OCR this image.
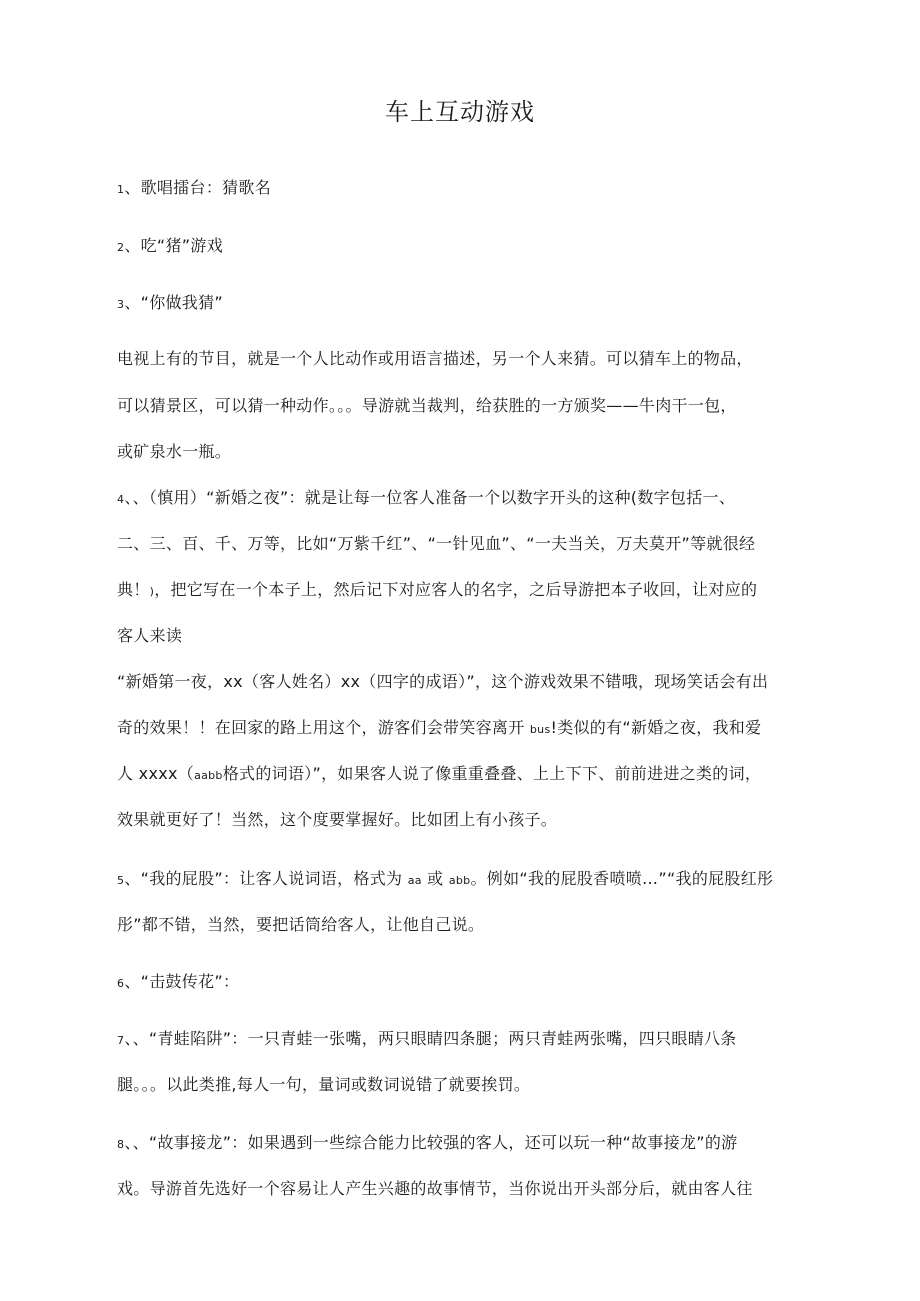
车上互动游戏
1、歌唱擂台：猜歌名
2、吃“猪”游戏
3、“你做我猜”
电视上有的节目，就是一个人比动作或用语言描述，另一个人来猜。可以猜车上的物品，
可以猜景区，可以猜一种动作。。。导游就当裁判，给获胜的一方颁奖——牛肉干一包，
或矿泉水一瓶。
4、、（慎用）“新婚之夜”：就是让每一位客人准备一个以数字开头的这种(数字包括一、
二、三、百、千、万等，比如“万紫千红”、“一针见血”、“一夫当关，万夫莫开”等就很经
典！)，把它写在一个本子上，然后记下对应客人的名字，之后导游把本子收回，让对应的
客人来读
“新婚第一夜，xx（客人姓名）xx（四字的成语）”，这个游戏效果不错哦，现场笑话会有出
奇的效果！！在回家的路上用这个，游客们会带笑容离开 bus!类似的有“新婚之夜，我和爱
人 xxxx（aabb格式的词语）”，如果客人说了像重重叠叠、上上下下、前前进进之类的词，
效果就更好了！当然，这个度要掌握好。比如团上有小孩子。
5、“我的屁股”：让客人说词语，格式为 aa 或 abb。例如“我的屁股香喷喷…”“我的屁股红彤
彤”都不错，当然，要把话筒给客人，让他自己说。
6、“击鼓传花”：
7、、“青蛙陷阱”：一只青蛙一张嘴，两只眼睛四条腿；两只青蛙两张嘴，四只眼睛八条
腿。。。以此类推,每人一句，量词或数词说错了就要挨罚。
8、、“故事接龙”：如果遇到一些综合能力比较强的客人，还可以玩一种“故事接龙”的游
戏。导游首先选好一个容易让人产生兴趣的故事情节，当你说出开头部分后，就由客人往
